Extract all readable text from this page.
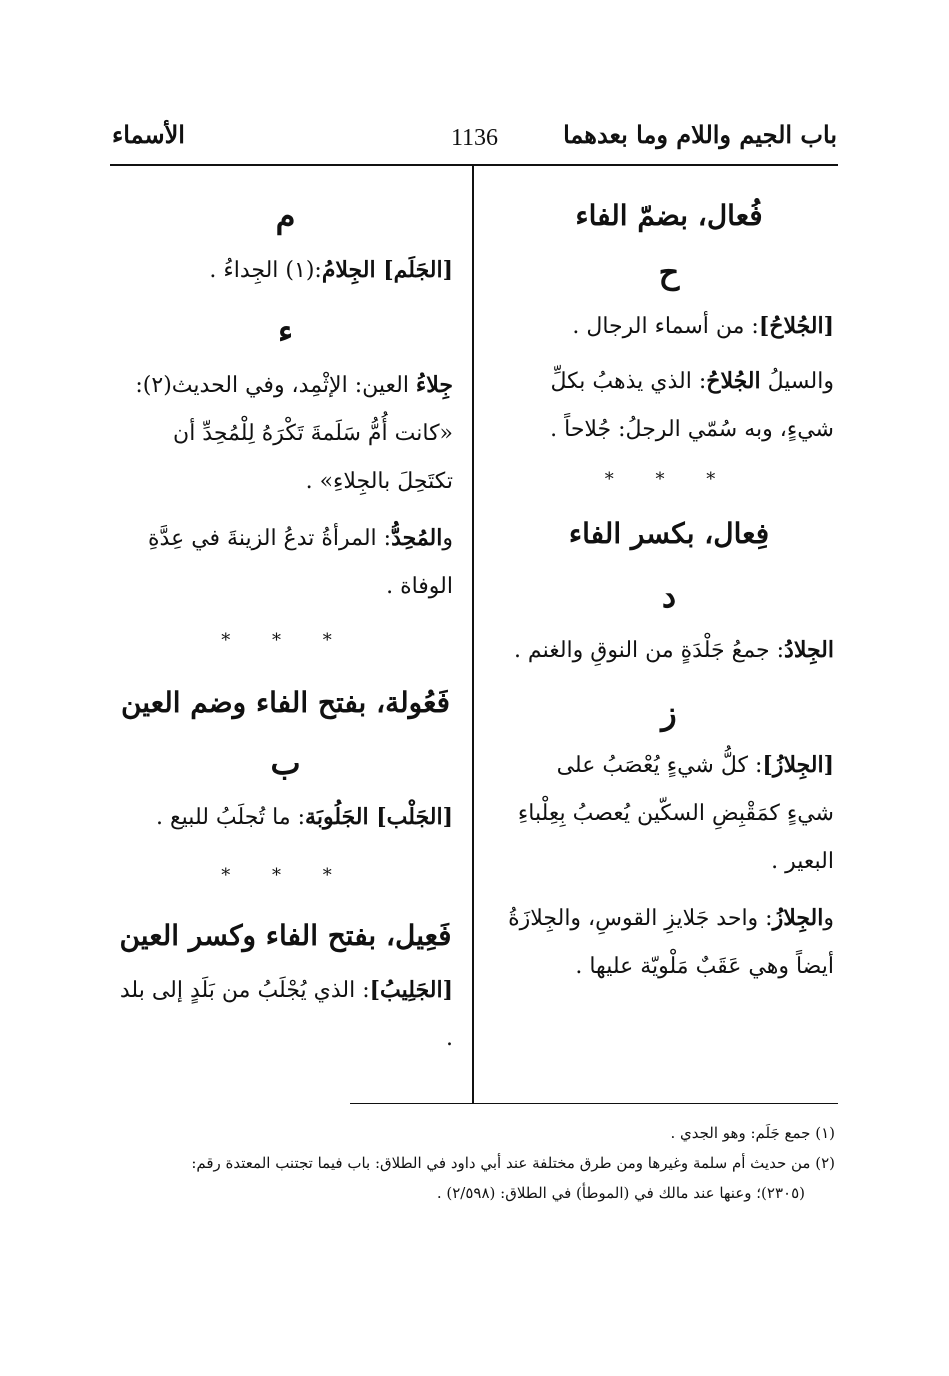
باب الجيم واللام وما بعدهما
1136
الأسماء
فُعال، بضمّ الفاء
ح

[الجُلاحُ]: من أسماء الرجال .

والسيلُ الجُلاحُ: الذي يذهبُ بكلِّ شيءٍ، وبه سُمّي الرجلُ: جُلاحاً .

* * *
فِعال، بكسر الفاء
د

الجِلادُ: جمعُ جَلْدَةٍ من النوقِ والغنم .

ز

[الجِلازُ]: كلُّ شيءٍ يُعْصَبُ على شيءٍ كمَقْبِضِ السكّين يُعصبُ بِعِلْباءِ البعير .

والجِلازُ: واحد جَلايزِ القوسِ، والجِلازَةُ أيضاً وهي عَقَبٌ مَلْويّة عليها .

م

[الجَلَم] الجِلامُ:(١) الجِداءُ .

ء

جِلاءُ العين: الإثْمِد، وفي الحديث(٢): «كانت أُمُّ سَلَمةَ تَكْرَهُ لِلْمُحِدِّ أن تكتَحِلَ بالجِلاءِ» .

والمُحِدُّ: المرأةُ تدعُ الزينةَ في عِدَّةِ الوفاة .

* * *
فَعُولة، بفتح الفاء وضم العين
ب

[الجَلْب] الجَلُوبَة: ما تُجلَبُ للبيع .

* * *
فَعِيل، بفتح الفاء وكسر العين

[الجَلِيبُ]: الذي يُجْلَبُ من بَلَدٍ إلى بلد .

(١) جمع جَلَم: وهو الجدي .
(٢) من حديث أم سلمة وغيرها ومن طرق مختلفة عند أبي داود في الطلاق: باب فيما تجتنب المعتدة رقم:
(٢٣٠٥)؛ وعنها عند مالك في (الموطأ) في الطلاق: (٢/٥٩٨) .
